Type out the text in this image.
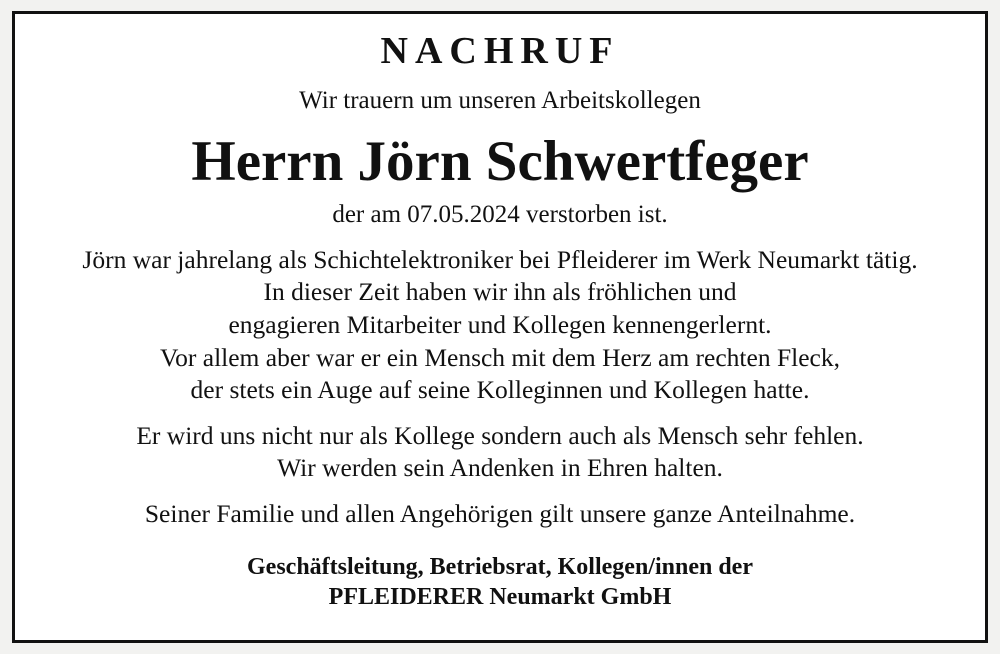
NACHRUF
Wir trauern um unseren Arbeitskollegen
Herrn Jörn Schwertfeger
der am 07.05.2024 verstorben ist.
Jörn war jahrelang als Schichtelektroniker bei Pfleiderer im Werk Neumarkt tätig.
In dieser Zeit haben wir ihn als fröhlichen und
engagieren Mitarbeiter und Kollegen kennengerlernt.
Vor allem aber war er ein Mensch mit dem Herz am rechten Fleck,
der stets ein Auge auf seine Kolleginnen und Kollegen hatte.
Er wird uns nicht nur als Kollege sondern auch als Mensch sehr fehlen.
Wir werden sein Andenken in Ehren halten.
Seiner Familie und allen Angehörigen gilt unsere ganze Anteilnahme.
Geschäftsleitung, Betriebsrat, Kollegen/innen der
PFLEIDERER Neumarkt GmbH
